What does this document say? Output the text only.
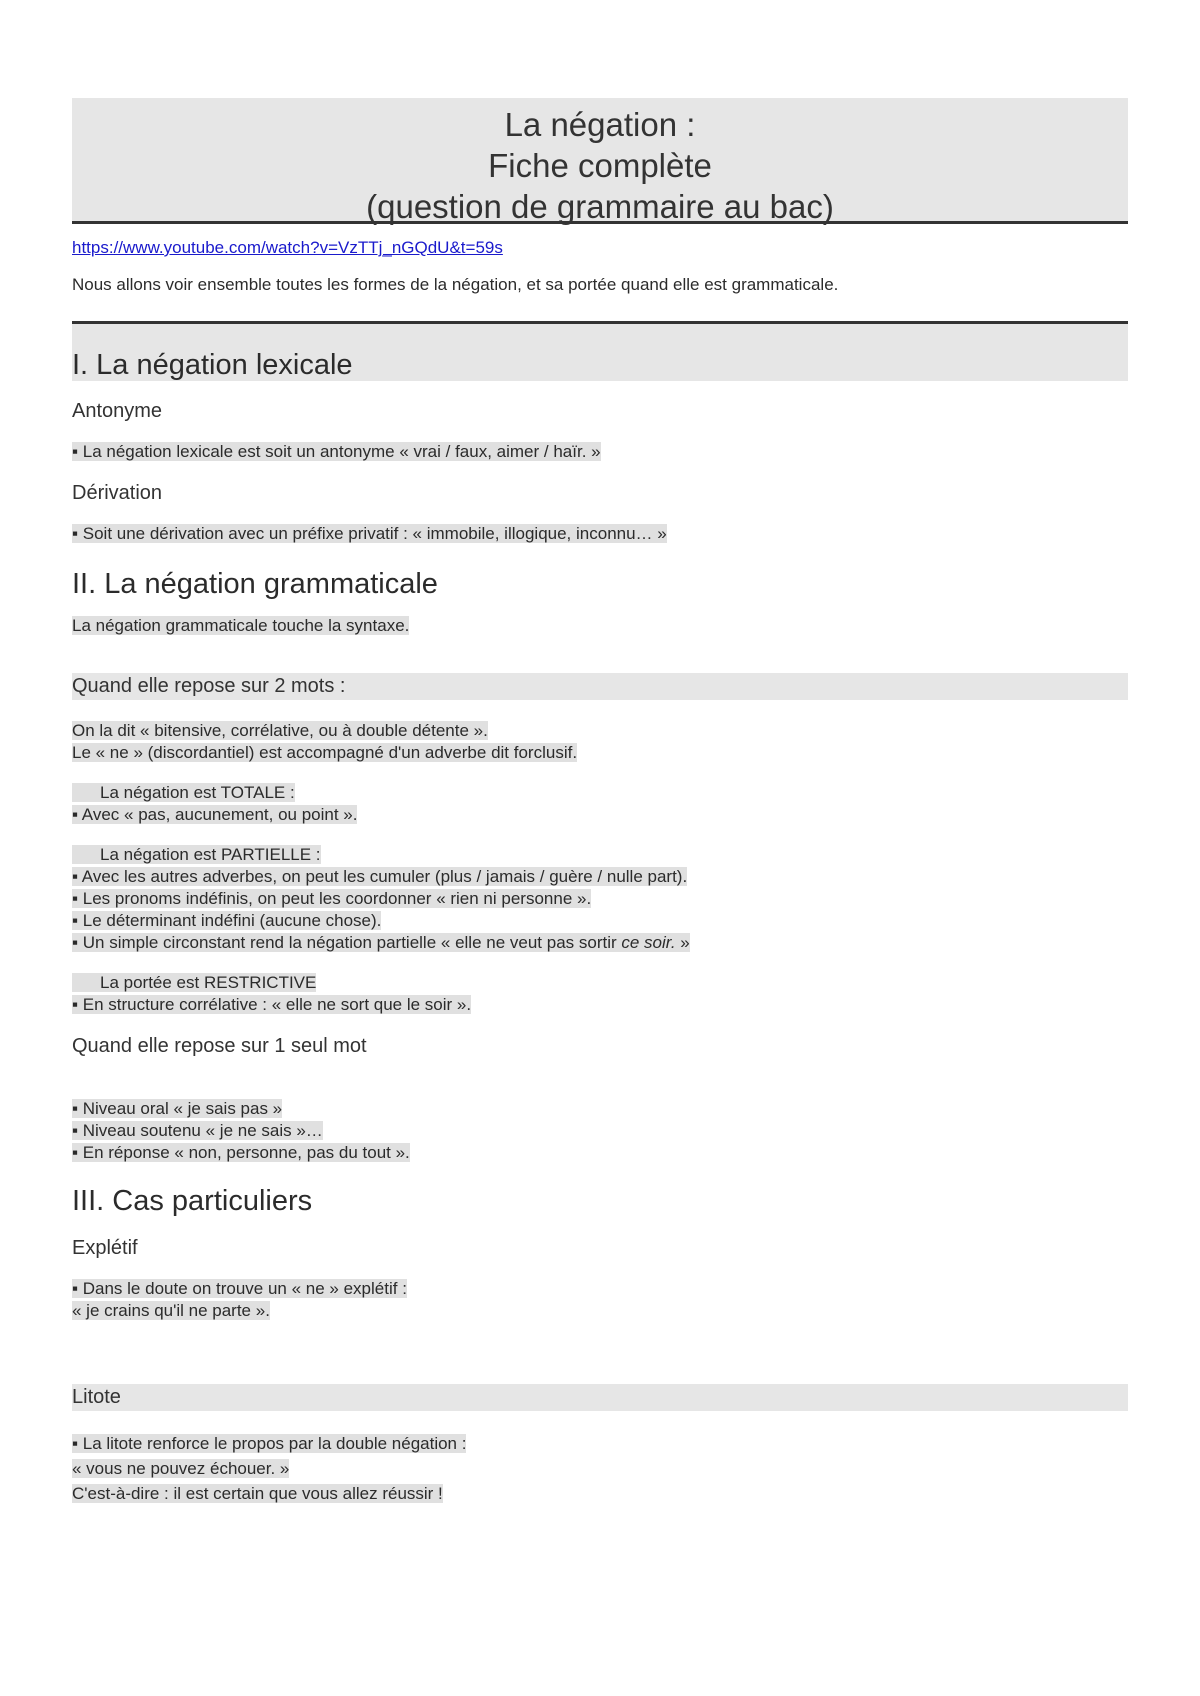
La négation :
Fiche complète
(question de grammaire au bac)
https://www.youtube.com/watch?v=VzTTj_nGQdU&t=59s
Nous allons voir ensemble toutes les formes de la négation, et sa portée quand elle est grammaticale.
I. La négation lexicale
Antonyme
▪ La négation lexicale est soit un antonyme « vrai / faux, aimer / haïr. »
Dérivation
▪ Soit une dérivation avec un préfixe privatif : « immobile, illogique, inconnu… »
II. La négation grammaticale
La négation grammaticale touche la syntaxe.
Quand elle repose sur 2 mots :
On la dit « bitensive, corrélative, ou à double détente ».
Le « ne » (discordantiel) est accompagné d'un adverbe dit forclusif.
La négation est TOTALE :
▪ Avec « pas, aucunement, ou point ».
La négation est PARTIELLE :
▪ Avec les autres adverbes, on peut les cumuler (plus / jamais / guère / nulle part).
▪ Les pronoms indéfinis, on peut les coordonner « rien ni personne ».
▪ Le déterminant indéfini (aucune chose).
▪ Un simple circonstant rend la négation partielle « elle ne veut pas sortir ce soir. »
La portée est RESTRICTIVE
▪ En structure corrélative : « elle ne sort que le soir ».
Quand elle repose sur 1 seul mot
▪ Niveau oral « je sais pas »
▪ Niveau soutenu « je ne sais »…
▪ En réponse « non, personne, pas du tout ».
III. Cas particuliers
Explétif
▪ Dans le doute on trouve un « ne » explétif :
« je crains qu'il ne parte ».
Litote
▪ La litote renforce le propos par la double négation :
« vous ne pouvez échouer. »
C'est-à-dire : il est certain que vous allez réussir !
